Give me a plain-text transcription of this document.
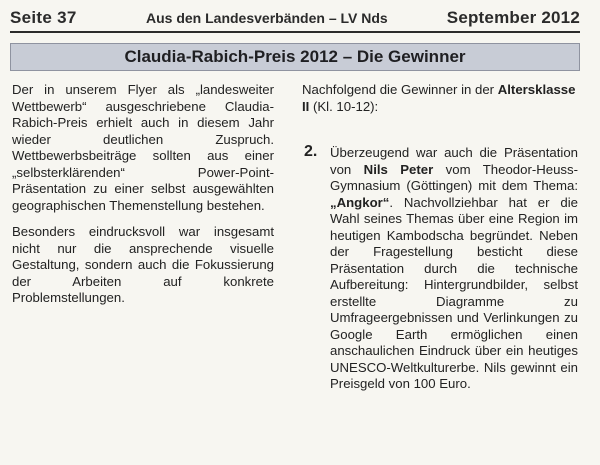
Seite 37	Aus den Landesverbänden – LV Nds	September 2012
Claudia-Rabich-Preis 2012 – Die Gewinner

Der in unserem Flyer als „landesweiter Wettbewerb“ ausgeschriebene Claudia-Rabich-Preis erhielt auch in diesem Jahr wieder deutlichen Zuspruch. Wettbewerbsbeiträge sollten aus einer „selbsterklärenden“ Power-Point-Präsentation zu einer selbst ausgewählten geographischen Themenstellung bestehen.

Besonders eindrucksvoll war insgesamt nicht nur die ansprechende visuelle Gestaltung, sondern auch die Fokussierung der Arbeiten auf konkrete Problemstellungen.

Nachfolgend die Gewinner in der Altersklasse II (Kl. 10-12):

2. Überzeugend war auch die Präsentation von Nils Peter vom Theodor-Heuss-Gymnasium (Göttingen) mit dem Thema: „Angkor“. Nachvollziehbar hat er die Wahl seines Themas über eine Region im heutigen Kambodscha begründet. Neben der Fragestellung besticht diese Präsentation durch die technische Aufbereitung: Hintergrundbilder, selbst erstellte Diagramme zu Umfrageergebnissen und Verlinkungen zu Google Earth ermöglichen einen anschaulichen Eindruck über ein heutiges UNESCO-Weltkulturerbe. Nils gewinnt ein Preisgeld von 100 Euro.
